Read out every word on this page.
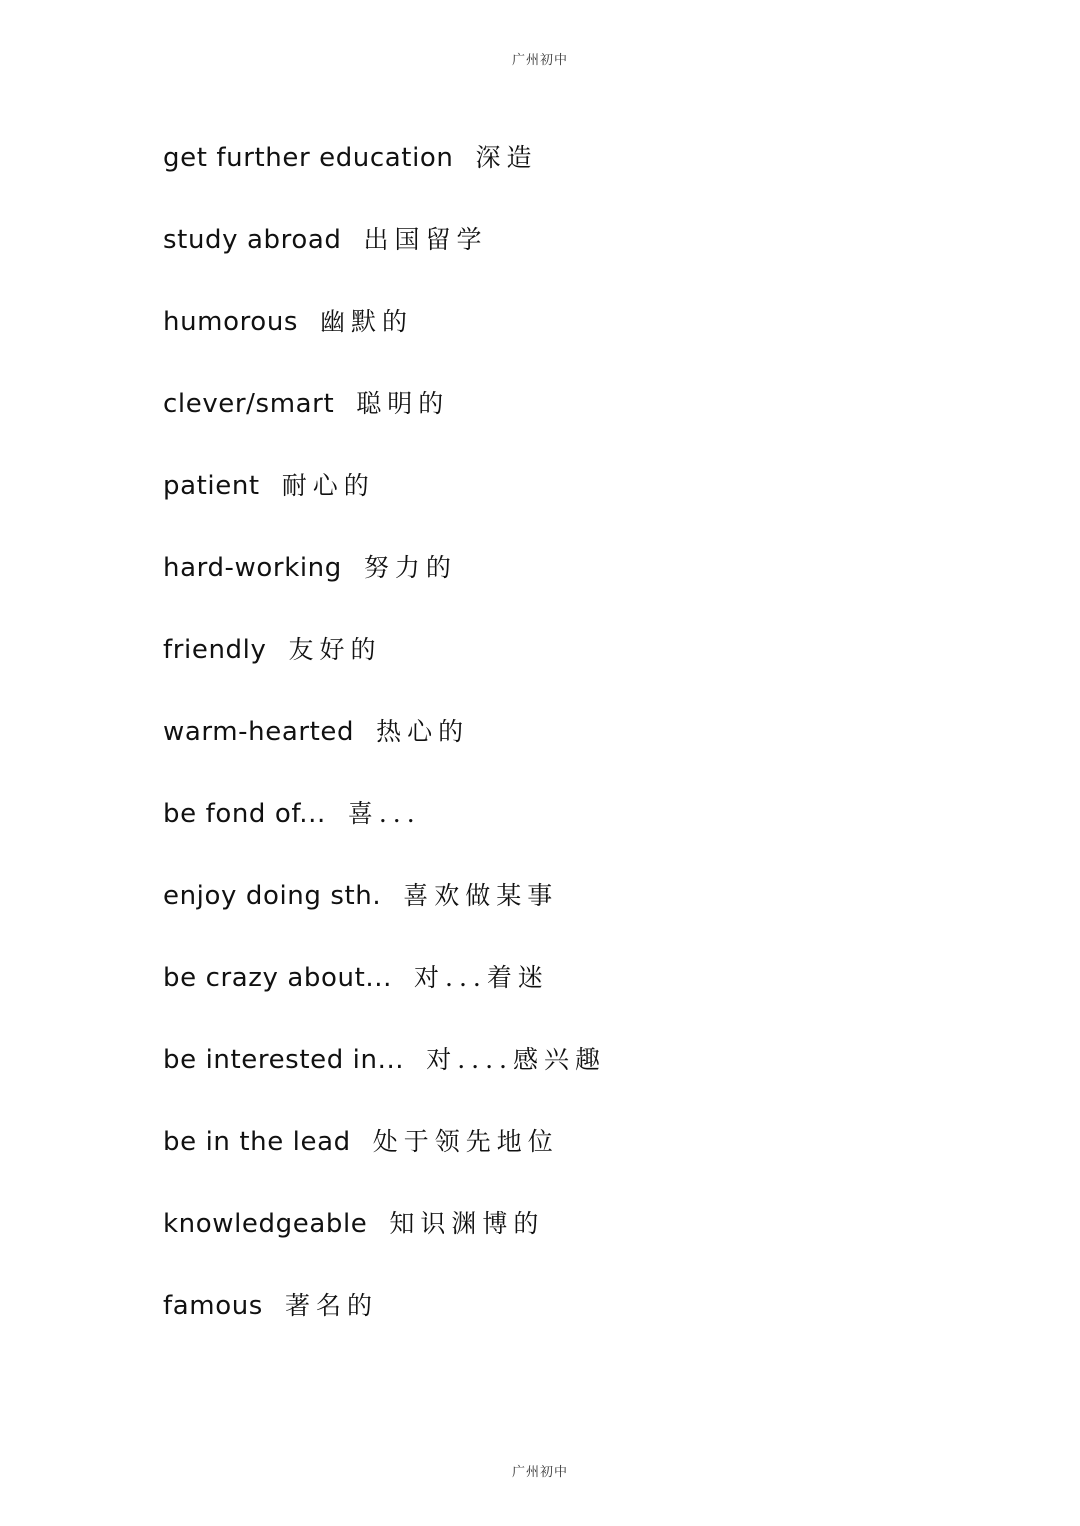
广州初中
get further education 深造
study abroad 出国留学
humorous 幽默的
clever/smart 聪明的
patient 耐心的
hard-working 努力的
friendly 友好的
warm-hearted 热心的
be fond of... 喜...
enjoy doing sth. 喜欢做某事
be crazy about... 对...着迷
be interested in... 对....感兴趣
be in the lead 处于领先地位
knowledgeable 知识渊博的
famous 著名的
广州初中
